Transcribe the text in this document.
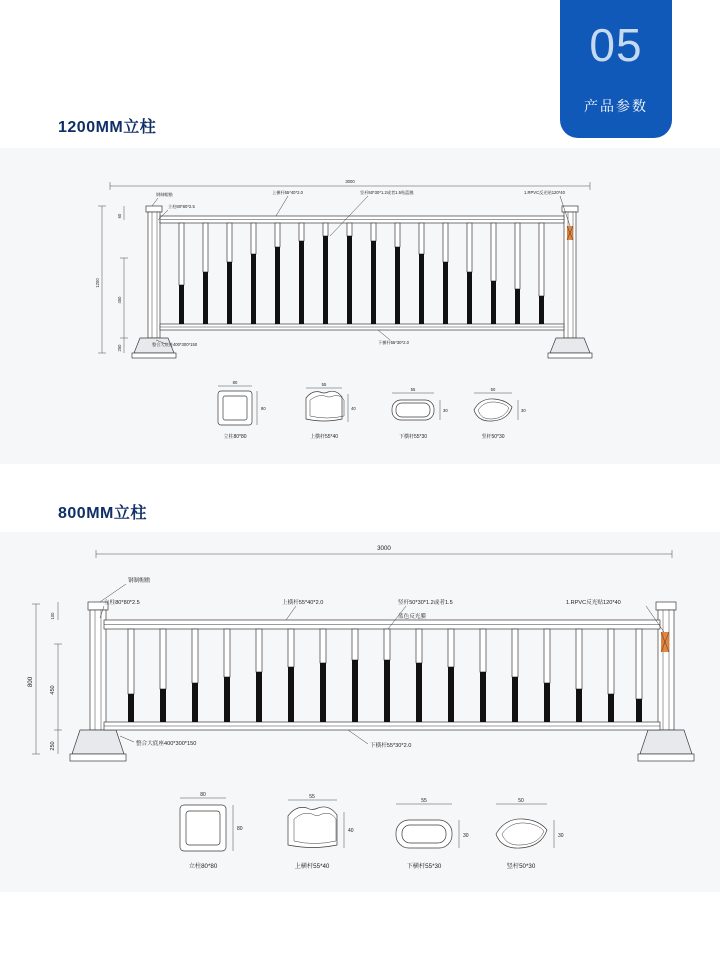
05
产品参数
1200MM立柱
3000
1200
450
250
60
钢制帽檐
立柱80*80*2.5
上横杆55*40*2.0	竖杆50*30*1.2或者1.5贴蓝膜	1.RPVC反光贴120*40
整合大底座400*300*150	下横杆55*30*2.0
80
80
立柱80*80
55
40
上横杆55*40
55
30
下横杆55*30
50
30
竖杆50*30
800MM立柱
3000
800
450
250
100
钢制帽檐
立柱80*80*2.5	上横杆55*40*2.0	竖杆50*30*1.2或者1.5
蓝色反光膜
1.RPVC反光贴120*40
整合大底座400*300*150	下横杆55*30*2.0
80
80
立柱80*80
55
40
上横杆55*40
55
30
下横杆55*30
50
30
竖杆50*30
